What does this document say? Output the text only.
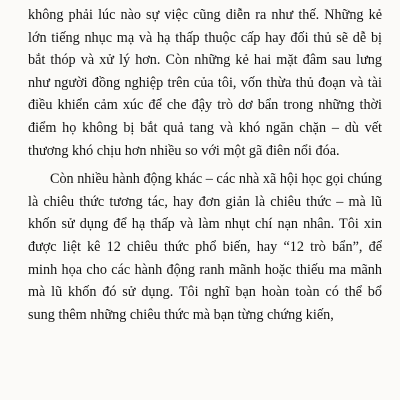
không phải lúc nào sự việc cũng diễn ra như thế. Những kẻ lớn tiếng nhục mạ và hạ thấp thuộc cấp hay đối thủ sẽ dễ bị bắt thóp và xử lý hơn. Còn những kẻ hai mặt đâm sau lưng như người đồng nghiệp trên của tôi, vốn thừa thủ đoạn và tài điều khiển cảm xúc để che đậy trò dơ bẩn trong những thời điểm họ không bị bắt quả tang và khó ngăn chặn – dù vết thương khó chịu hơn nhiều so với một gã điên nổi đóa.

Còn nhiều hành động khác – các nhà xã hội học gọi chúng là chiêu thức tương tác, hay đơn giản là chiêu thức – mà lũ khốn sử dụng để hạ thấp và làm nhụt chí nạn nhân. Tôi xin được liệt kê 12 chiêu thức phổ biến, hay “12 trò bẩn”, để minh họa cho các hành động ranh mãnh hoặc thiếu ma mãnh mà lũ khốn đó sử dụng. Tôi nghĩ bạn hoàn toàn có thể bổ sung thêm những chiêu thức mà bạn từng chứng kiến,
